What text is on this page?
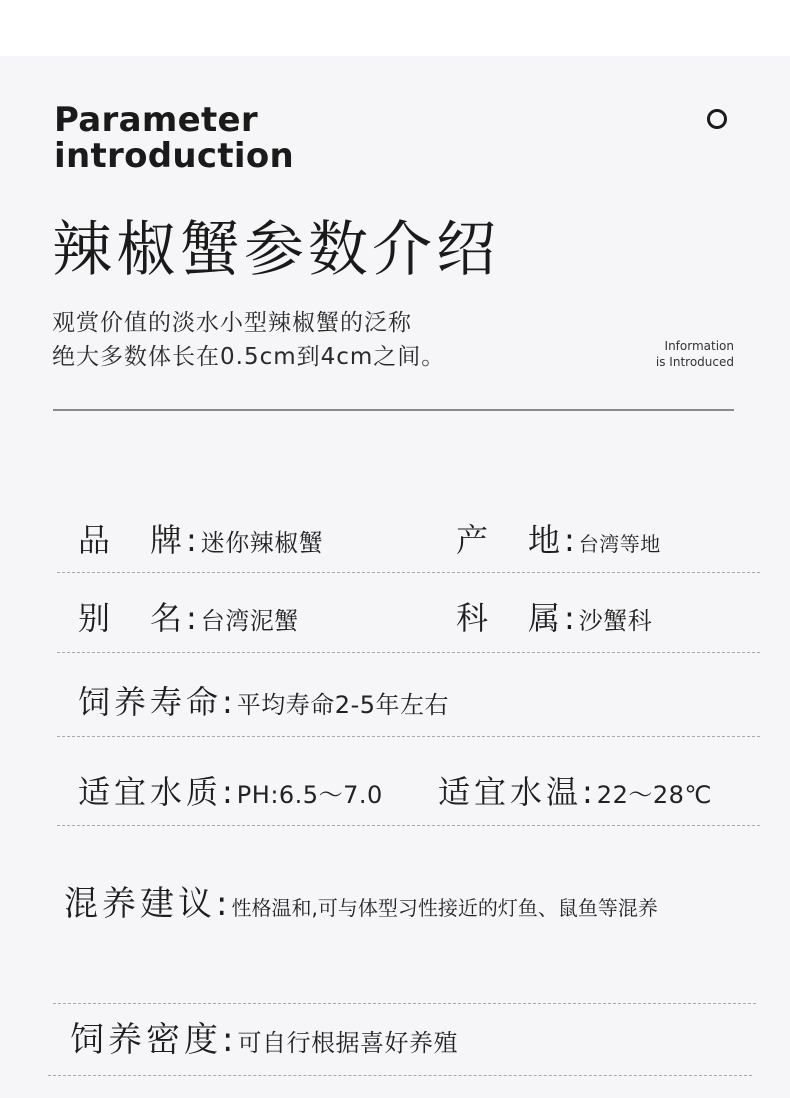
Parameter
introduction
辣椒蟹参数介绍
观赏价值的淡水小型辣椒蟹的泛称
绝大多数体长在0.5cm到4cm之间。	Information
is Introduced
品　牌:迷你辣椒蟹	产　地:台湾等地
别　名:台湾泥蟹	科　属:沙蟹科
饲养寿命:平均寿命2-5年左右
适宜水质:PH:6.5～7.0 适宜水温:22～28℃
混养建议:性格温和,可与体型习性接近的灯鱼、鼠鱼等混养
饲养密度:可自行根据喜好养殖
